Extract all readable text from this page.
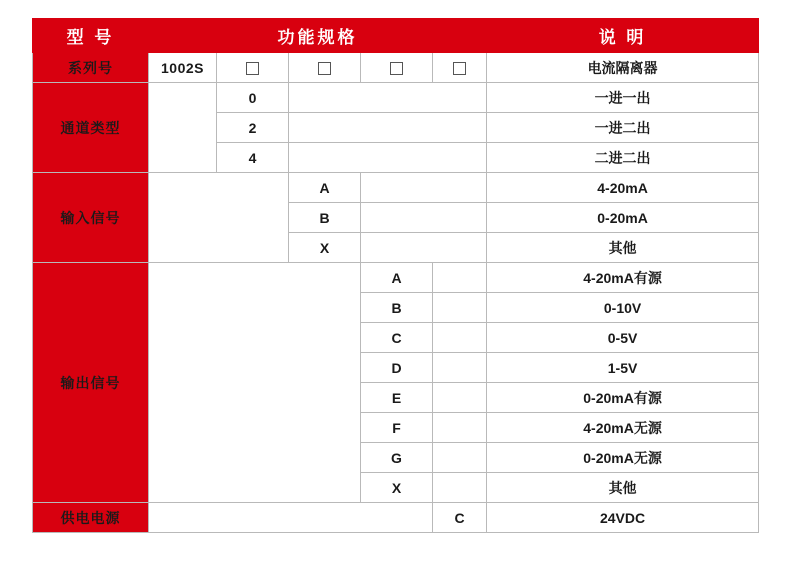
型 号	功能规格					说 明
系列号	1002S					电流隔离器
通道类型		0				一进一出
		2				一进二出
		4				二进二出
输入信号			A			4-20mA
			B			0-20mA
			X			其他
输出信号				A		4-20mA有源
				B		0-10V
				C		0-5V
				D		1-5V
				E		0-20mA有源
				F		4-20mA无源
				G		0-20mA无源
				X		其他
供电电源					C	24VDC
